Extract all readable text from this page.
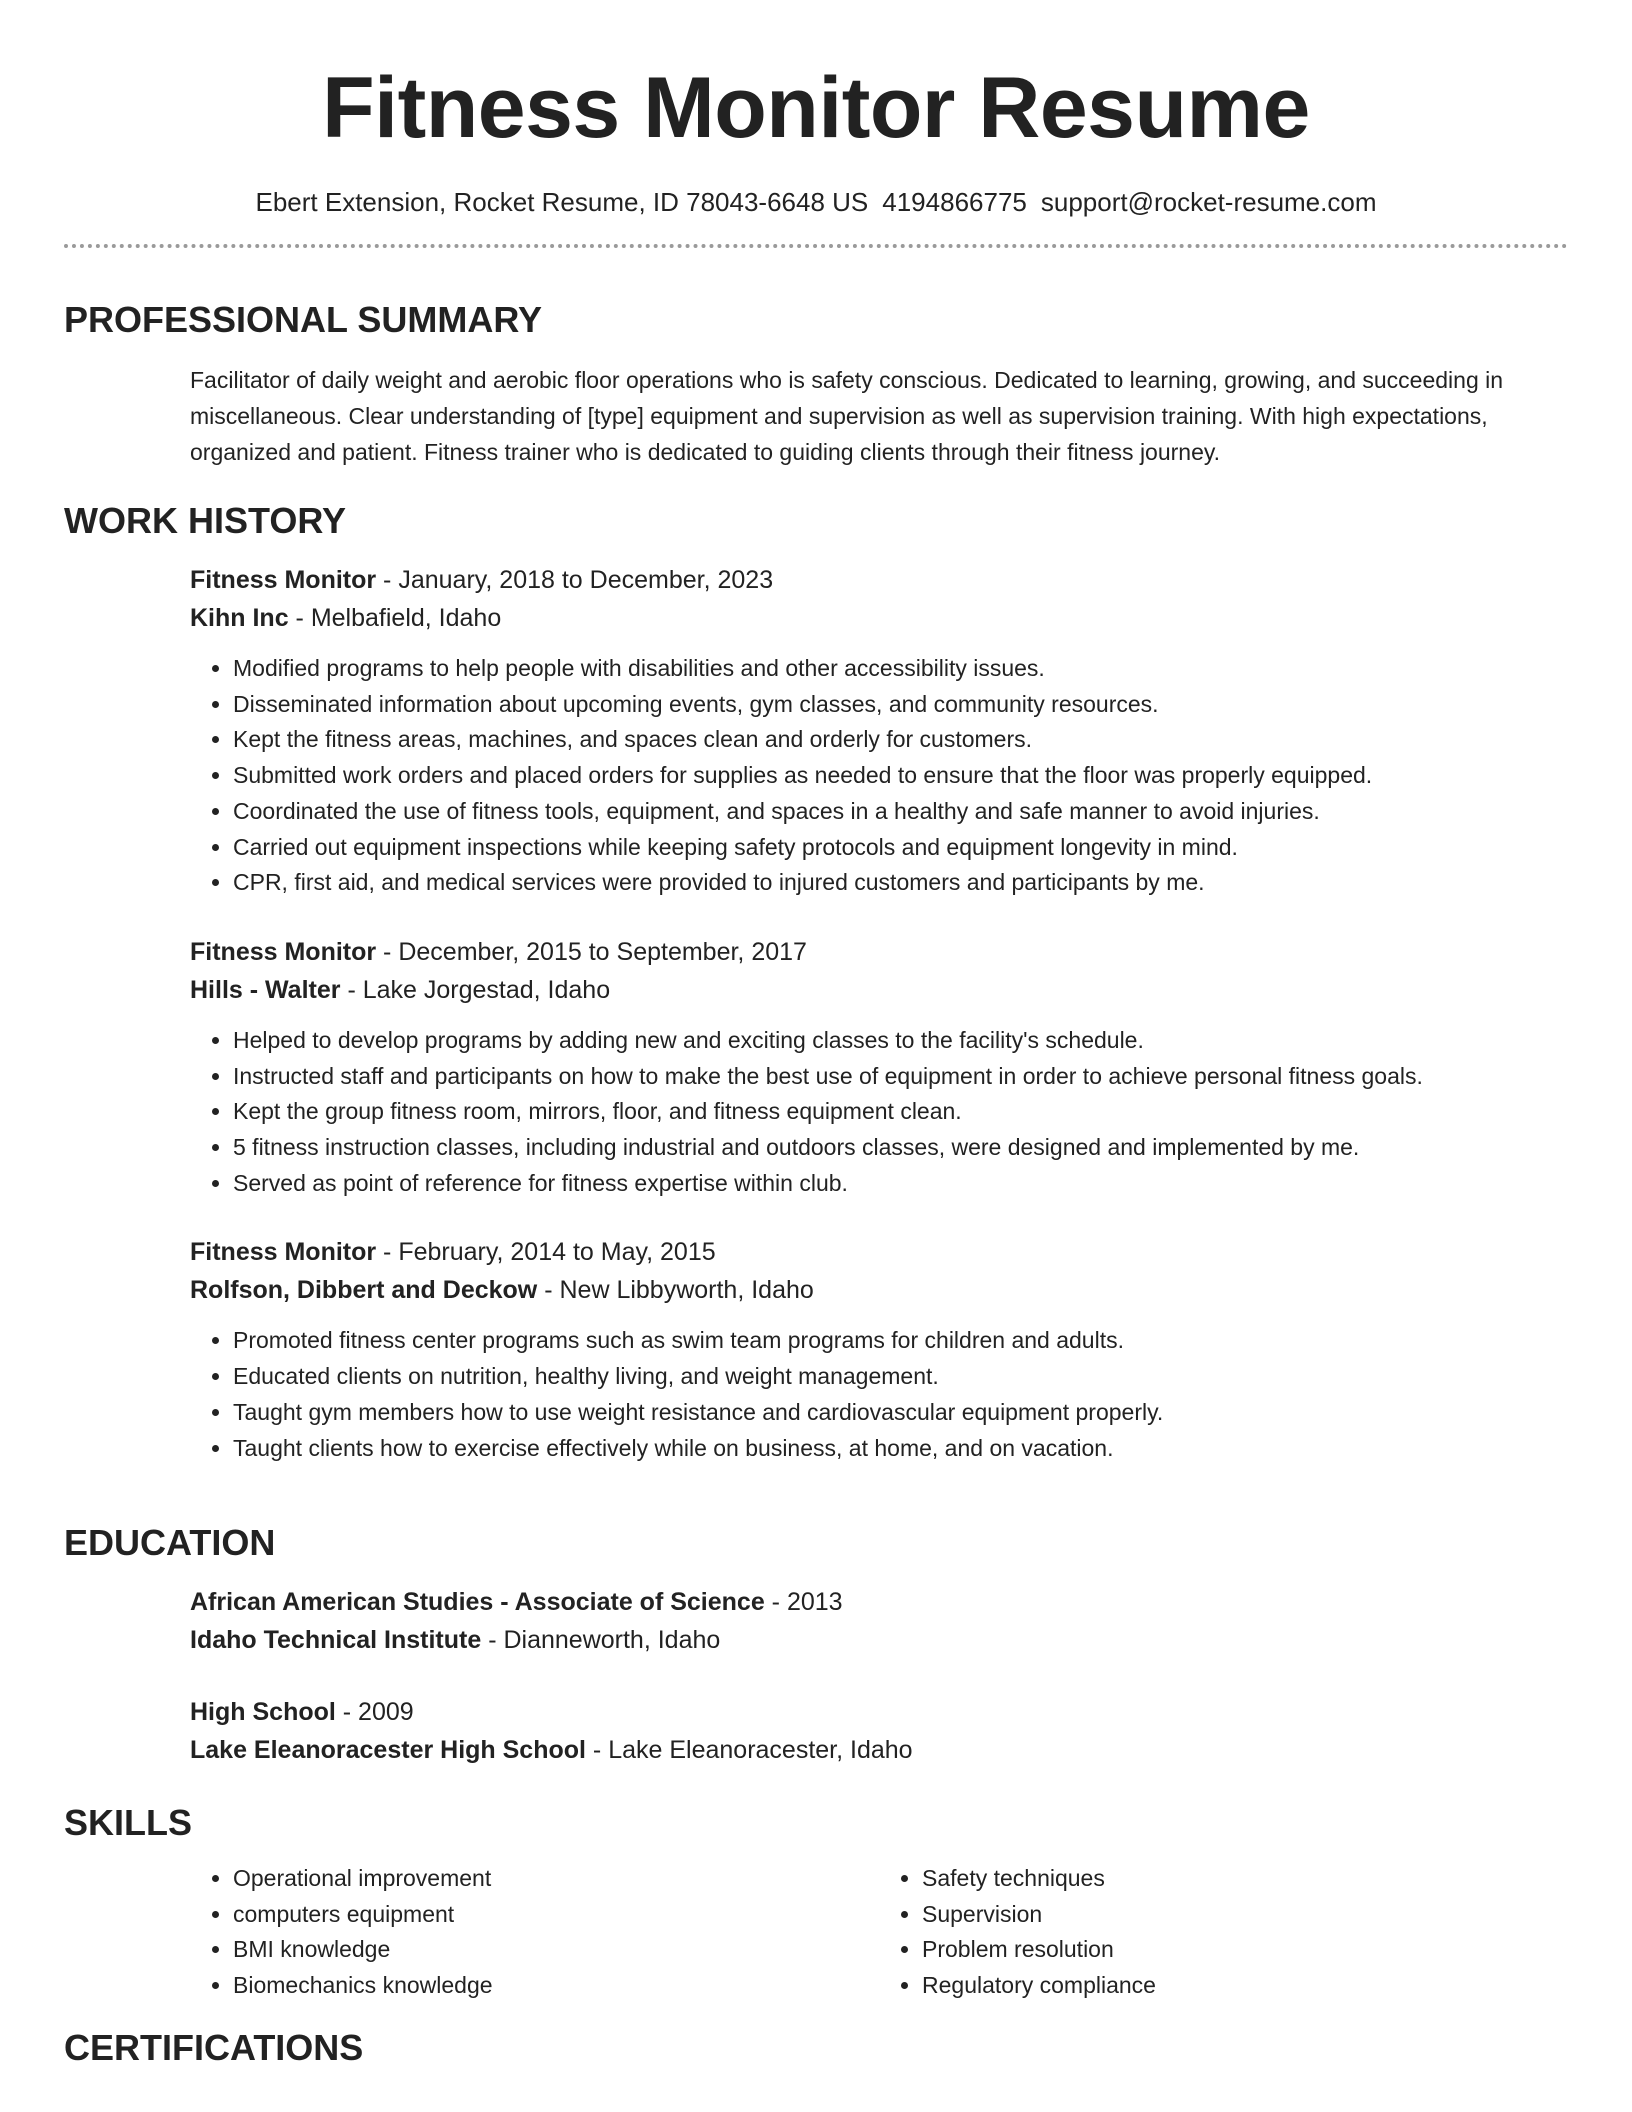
Fitness Monitor Resume
Ebert Extension, Rocket Resume, ID 78043-6648 US 4194866775 support@rocket-resume.com
PROFESSIONAL SUMMARY
Facilitator of daily weight and aerobic floor operations who is safety conscious. Dedicated to learning, growing, and succeeding in miscellaneous. Clear understanding of [type] equipment and supervision as well as supervision training. With high expectations, organized and patient. Fitness trainer who is dedicated to guiding clients through their fitness journey.
WORK HISTORY
Fitness Monitor - January, 2018 to December, 2023
Kihn Inc - Melbafield, Idaho
• Modified programs to help people with disabilities and other accessibility issues.
• Disseminated information about upcoming events, gym classes, and community resources.
• Kept the fitness areas, machines, and spaces clean and orderly for customers.
• Submitted work orders and placed orders for supplies as needed to ensure that the floor was properly equipped.
• Coordinated the use of fitness tools, equipment, and spaces in a healthy and safe manner to avoid injuries.
• Carried out equipment inspections while keeping safety protocols and equipment longevity in mind.
• CPR, first aid, and medical services were provided to injured customers and participants by me.
Fitness Monitor - December, 2015 to September, 2017
Hills - Walter - Lake Jorgestad, Idaho
• Helped to develop programs by adding new and exciting classes to the facility's schedule.
• Instructed staff and participants on how to make the best use of equipment in order to achieve personal fitness goals.
• Kept the group fitness room, mirrors, floor, and fitness equipment clean.
• 5 fitness instruction classes, including industrial and outdoors classes, were designed and implemented by me.
• Served as point of reference for fitness expertise within club.
Fitness Monitor - February, 2014 to May, 2015
Rolfson, Dibbert and Deckow - New Libbyworth, Idaho
• Promoted fitness center programs such as swim team programs for children and adults.
• Educated clients on nutrition, healthy living, and weight management.
• Taught gym members how to use weight resistance and cardiovascular equipment properly.
• Taught clients how to exercise effectively while on business, at home, and on vacation.
EDUCATION
African American Studies - Associate of Science - 2013
Idaho Technical Institute - Dianneworth, Idaho
High School - 2009
Lake Eleanoracester High School - Lake Eleanoracester, Idaho
SKILLS
• Operational improvement
• computers equipment
• BMI knowledge
• Biomechanics knowledge
• Safety techniques
• Supervision
• Problem resolution
• Regulatory compliance
CERTIFICATIONS
